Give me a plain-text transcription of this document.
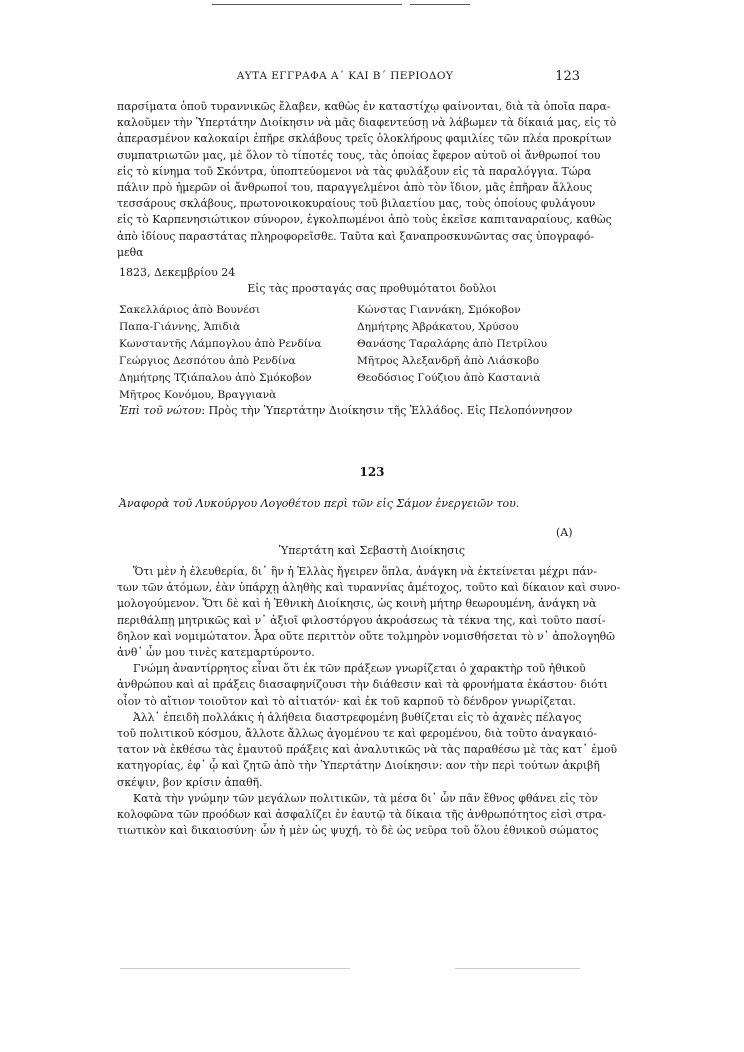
ΑΥΤΑ ΕΓΓΡΑΦΑ Α΄ ΚΑΙ Β΄ ΠΕΡΙΟΔΟΥ	123

παρσίματα ὁποῦ τυραννικῶς ἔλαβεν, καθὼς ἐν καταστίχῳ φαίνονται, διὰ τὰ ὁποῖα παρα-
καλοῦμεν τὴν Ὑπερτάτην Διοίκησιν νὰ μᾶς διαφεντεύσῃ νὰ λάβωμεν τὰ δίκαιά μας, εἰς τὸ
ἀπερασμένον καλοκαίρι ἐπῆρε σκλάβους τρεῖς ὁλοκλήρους φαμιλίες τῶν πλέα προκρίτων
συμπατριωτῶν μας, μὲ ὅλον τὸ τίποτές τους, τὰς ὁποίας ἔφερον αὐτοῦ οἱ ἄνθρωποί του
εἰς τὸ κίνημα τοῦ Σκόντρα, ὑποπτεύομενοι νὰ τὰς φυλάξουν εἰς τὰ παραλόγγια. Τώρα
πάλιν πρὸ ἡμερῶν οἱ ἄνθρωποί του, παραγγελμένοι ἀπὸ τὸν ἴδιον, μᾶς ἐπῆραν ἄλλους
τεσσάρους σκλάβους, πρωτονοικοκυραίους τοῦ βιλαετίου μας, τοὺς ὁποίους φυλάγουν
εἰς τὸ Καρπενησιώτικον σύνορον, ἐγκολπωμένοι ἀπὸ τοὺς ἐκεῖσε καπιταναραίους, καθὼς
ἀπὸ ἰδίους παραστάτας πληροφορεῖσθε. Ταῦτα καὶ ξαναπροσκυνῶντας σας ὑπογραφό-
μεθα

1823, Δεκεμβρίου 24
Εἰς τὰς προσταγάς σας προθυμότατοι δοῦλοι
Σακελλάριος ἀπὸ Βουνέσι
Παπα-Γιάννης, Ἀπιδιὰ
Κωνσταντῆς Λάμπογλου ἀπὸ Ρενδίνα
Γεώργιος Δεσπότου ἀπὸ Ρενδίνα
Δημήτρης Τζιάπαλου ἀπὸ Σμόκοβον
Μῆτρος Κονόμου, Βραγγιανὰ
Κώνστας Γιαννάκη, Σμόκοβον
Δημήτρης Ἀβράκατου, Χρύσου
Θανάσης Ταραλάρης ἀπὸ Πετρίλου
Μῆτρος Ἀλεξανδρῆ ἀπὸ Λιάσκοβο
Θεοδόσιος Γούζιου ἀπὸ Καστανιὰ
Ἐπὶ τοῦ νώτου: Πρὸς τὴν Ὑπερτάτην Διοίκησιν τῆς Ἑλλάδος. Εἰς Πελοπόννησον
123
Ἀναφορὰ τοῦ Λυκούργου Λογοθέτου περὶ τῶν εἰς Σάμον ἐνεργειῶν του.
(Α)
Ὑπερτάτη καὶ Σεβαστὴ Διοίκησις

Ὅτι μὲν ἡ ἐλευθερία, δι᾽ ἣν ἡ Ἑλλὰς ἤγειρεν ὅπλα, ἀνάγκη νὰ ἐκτείνεται μέχρι πάν-
των τῶν ἀτόμων, ἐὰν ὑπάρχῃ ἀληθὴς καὶ τυραννίας ἀμέτοχος, τοῦτο καὶ δίκαιον καὶ συνο-
μολογούμενον. Ὅτι δὲ καὶ ἡ Ἐθνικὴ Διοίκησις, ὡς κοινὴ μήτηρ θεωρουμένη, ἀνάγκη νὰ
περιθάλπῃ μητρικῶς καὶ ν᾽ ἀξιοῖ φιλοστόργου ἀκροάσεως τὰ τέκνα της, καὶ τοῦτο πασί-
δηλον καὶ νομιμώτατον. Ἆρα οὔτε περιττὸν οὔτε τολμηρὸν νομισθήσεται τὸ ν᾽ ἀπολογηθῶ
ἀνθ᾽ ὧν μου τινὲς κατεμαρτύροντο.

Γνώμη ἀναντίρρητος εἶναι ὅτι ἐκ τῶν πράξεων γνωρίζεται ὁ χαρακτὴρ τοῦ ἠθικοῦ
ἀνθρώπου καὶ αἱ πράξεις διασαφηνίζουσι τὴν διάθεσιν καὶ τὰ φρονήματα ἑκάστου· διότι
οἷον τὸ αἴτιον τοιοῦτον καὶ τὸ αἰτιατόν· καὶ ἐκ τοῦ καρποῦ τὸ δένδρον γνωρίζεται.

Ἀλλ᾽ ἐπειδὴ πολλάκις ἡ ἀλήθεια διαστρεφομένη βυθίζεται εἰς τὸ ἀχανὲς πέλαγος
τοῦ πολιτικοῦ κόσμου, ἄλλοτε ἄλλως ἀγομένου τε καὶ φερομένου, διὰ τοῦτο ἀναγκαιό-
τατον νὰ ἐκθέσω τὰς ἐμαυτοῦ πράξεις καὶ ἀναλυτικῶς νὰ τὰς παραθέσω μὲ τὰς κατ᾽ ἐμοῦ
κατηγορίας, ἐφ᾽ ᾧ καὶ ζητῶ ἀπὸ τὴν Ὑπερτάτην Διοίκησιν: αον τὴν περὶ τούτων ἀκριβῆ
σκέψιν, βον κρίσιν ἀπαθῆ.

Κατὰ τὴν γνώμην τῶν μεγάλων πολιτικῶν, τὰ μέσα δι᾽ ὧν πᾶν ἔθνος φθάνει εἰς τὸν
κολοφῶνα τῶν προόδων καὶ ἀσφαλίζει ἐν ἑαυτῷ τὰ δίκαια τῆς ἀνθρωπότητος εἰσὶ στρα-
τιωτικὸν καὶ δικαιοσύνη· ὧν ἡ μὲν ὡς ψυχή, τὸ δὲ ὡς νεῦρα τοῦ ὅλου ἐθνικοῦ σώματος
